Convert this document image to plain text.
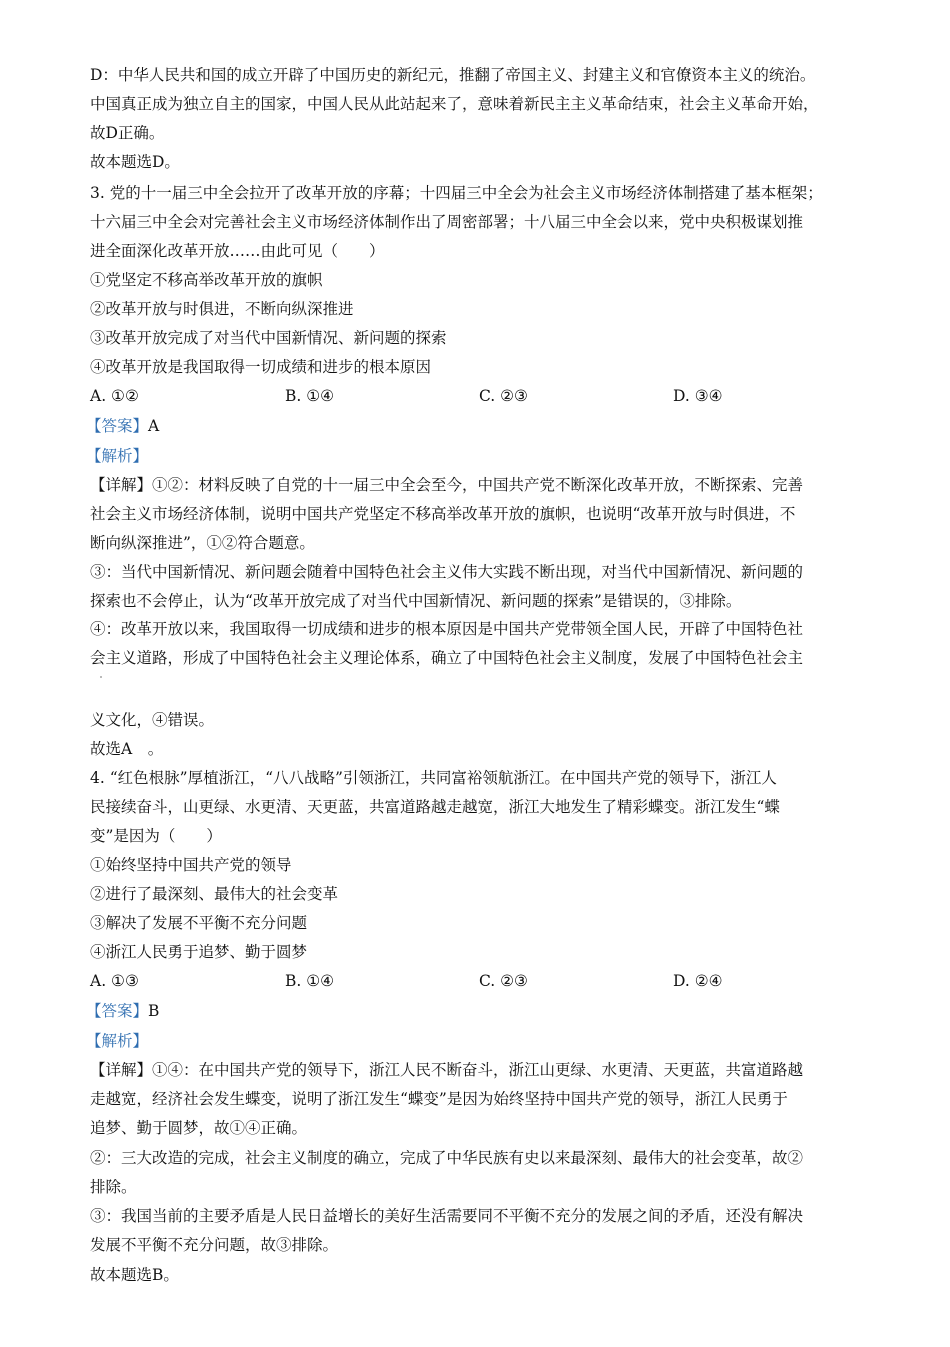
D：中华人民共和国的成立开辟了中国历史的新纪元，推翻了帝国主义、封建主义和官僚资本主义的统治。
中国真正成为独立自主的国家，中国人民从此站起来了，意味着新民主主义革命结束，社会主义革命开始，
故D正确。
故本题选D。
3. 党的十一届三中全会拉开了改革开放的序幕；十四届三中全会为社会主义市场经济体制搭建了基本框架；
十六届三中全会对完善社会主义市场经济体制作出了周密部署；十八届三中全会以来，党中央积极谋划推
进全面深化改革开放……由此可见（　　）
①党坚定不移高举改革开放的旗帜
②改革开放与时俱进，不断向纵深推进
③改革开放完成了对当代中国新情况、新问题的探索
④改革开放是我国取得一切成绩和进步的根本原因
A. ①②	B. ①④	C. ②③	D. ③④
【答案】A
【解析】
【详解】①②：材料反映了自党的十一届三中全会至今，中国共产党不断深化改革开放，不断探索、完善
社会主义市场经济体制，说明中国共产党坚定不移高举改革开放的旗帜，也说明“改革开放与时俱进，不
断向纵深推进”，①②符合题意。
③：当代中国新情况、新问题会随着中国特色社会主义伟大实践不断出现，对当代中国新情况、新问题的
探索也不会停止，认为“改革开放完成了对当代中国新情况、新问题的探索”是错误的，③排除。
④：改革开放以来，我国取得一切成绩和进步的根本原因是中国共产党带领全国人民，开辟了中国特色社
会主义道路，形成了中国特色社会主义理论体系，确立了中国特色社会主义制度，发展了中国特色社会主
义文化，④错误。
故选A　。
4. “红色根脉”厚植浙江，“八八战略”引领浙江，共同富裕领航浙江。在中国共产党的领导下，浙江人
民接续奋斗，山更绿、水更清、天更蓝，共富道路越走越宽，浙江大地发生了精彩蝶变。浙江发生“蝶
变”是因为（　　）
①始终坚持中国共产党的领导
②进行了最深刻、最伟大的社会变革
③解决了发展不平衡不充分问题
④浙江人民勇于追梦、勤于圆梦
A. ①③	B. ①④	C. ②③	D. ②④
【答案】B
【解析】
【详解】①④：在中国共产党的领导下，浙江人民不断奋斗，浙江山更绿、水更清、天更蓝，共富道路越
走越宽，经济社会发生蝶变，说明了浙江发生“蝶变”是因为始终坚持中国共产党的领导，浙江人民勇于
追梦、勤于圆梦，故①④正确。
②：三大改造的完成，社会主义制度的确立，完成了中华民族有史以来最深刻、最伟大的社会变革，故②
排除。
③：我国当前的主要矛盾是人民日益增长的美好生活需要同不平衡不充分的发展之间的矛盾，还没有解决
发展不平衡不充分问题，故③排除。
故本题选B。
